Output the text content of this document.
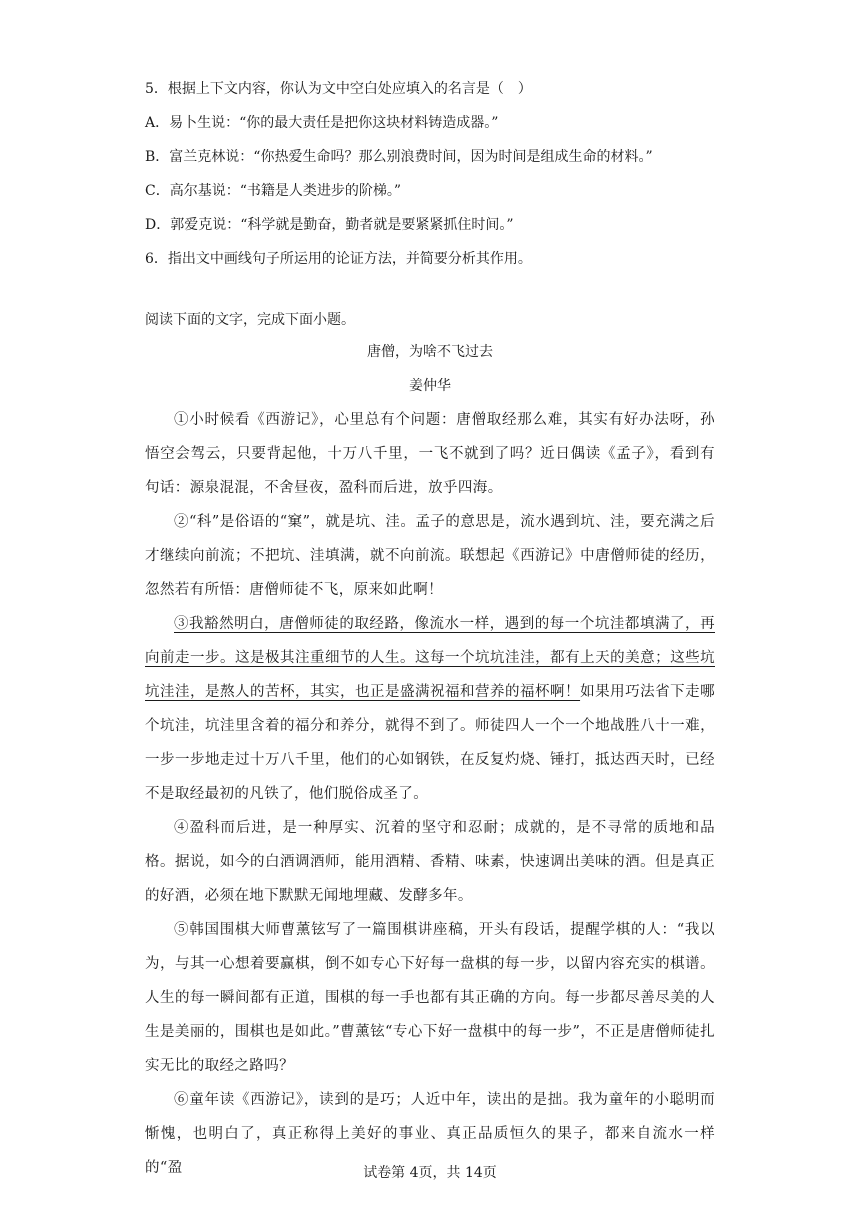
5．根据上下文内容，你认为文中空白处应填入的名言是（　）
A．易卜生说：“你的最大责任是把你这块材料铸造成器。”
B．富兰克林说：“你热爱生命吗？那么别浪费时间，因为时间是组成生命的材料。”
C．高尔基说：“书籍是人类进步的阶梯。”
D．郭爱克说：“科学就是勤奋，勤者就是要紧紧抓住时间。”
6．指出文中画线句子所运用的论证方法，并简要分析其作用。
阅读下面的文字，完成下面小题。
唐僧，为啥不飞过去
姜仲华

①小时候看《西游记》，心里总有个问题：唐僧取经那么难，其实有好办法呀，孙悟空会驾云，只要背起他，十万八千里，一飞不就到了吗？近日偶读《孟子》，看到有句话：源泉混混，不舍昼夜，盈科而后进，放乎四海。

②“科”是俗语的“窠”，就是坑、洼。孟子的意思是，流水遇到坑、洼，要充满之后才继续向前流；不把坑、洼填满，就不向前流。联想起《西游记》中唐僧师徒的经历，忽然若有所悟：唐僧师徒不飞，原来如此啊！

③我豁然明白，唐僧师徒的取经路，像流水一样，遇到的每一个坑洼都填满了，再向前走一步。这是极其注重细节的人生。这每一个坑坑洼洼，都有上天的美意；这些坑坑洼洼，是熬人的苦杯，其实，也正是盛满祝福和营养的福杯啊！如果用巧法省下走哪个坑洼，坑洼里含着的福分和养分，就得不到了。师徒四人一个一个地战胜八十一难，一步一步地走过十万八千里，他们的心如钢铁，在反复灼烧、锤打，抵达西天时，已经不是取经最初的凡铁了，他们脱俗成圣了。

④盈科而后进，是一种厚实、沉着的坚守和忍耐；成就的，是不寻常的质地和品格。据说，如今的白酒调酒师，能用酒精、香精、味素，快速调出美味的酒。但是真正的好酒，必须在地下默默无闻地埋藏、发酵多年。

⑤韩国围棋大师曹薰铉写了一篇围棋讲座稿，开头有段话，提醒学棋的人：“我以为，与其一心想着要赢棋，倒不如专心下好每一盘棋的每一步，以留内容充实的棋谱。人生的每一瞬间都有正道，围棋的每一手也都有其正确的方向。每一步都尽善尽美的人生是美丽的，围棋也是如此。”曹薰铉“专心下好一盘棋中的每一步”，不正是唐僧师徒扎实无比的取经之路吗？

⑥童年读《西游记》，读到的是巧；人近中年，读出的是拙。我为童年的小聪明而惭愧，也明白了，真正称得上美好的事业、真正品质恒久的果子，都来自流水一样的“盈	试卷第 4页，共 14页
